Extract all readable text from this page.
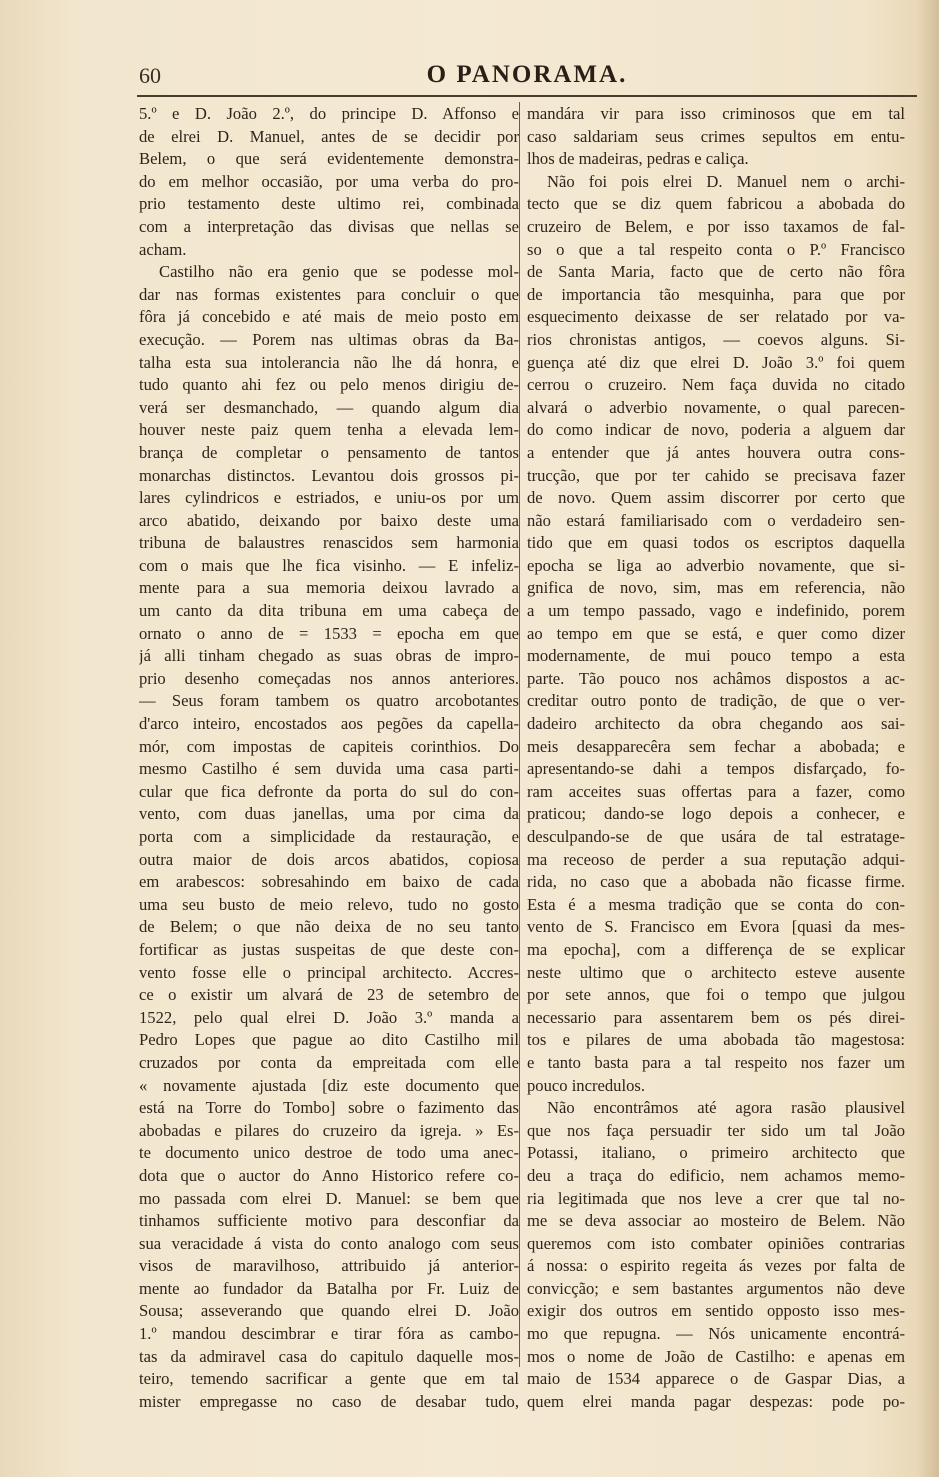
60	O PANORAMA.
5.º e D. João 2.º, do principe D. Affonso e
de elrei D. Manuel, antes de se decidir por
Belem, o que será evidentemente demonstra-
do em melhor occasião, por uma verba do pro-
prio testamento deste ultimo rei, combinada
com a interpretação das divisas que nellas se
acham.
Castilho não era genio que se podesse mol-
dar nas formas existentes para concluir o que
fôra já concebido e até mais de meio posto em
execução. — Porem nas ultimas obras da Ba-
talha esta sua intolerancia não lhe dá honra, e
tudo quanto ahi fez ou pelo menos dirigiu de-
verá ser desmanchado, — quando algum dia
houver neste paiz quem tenha a elevada lem-
brança de completar o pensamento de tantos
monarchas distinctos. Levantou dois grossos pi-
lares cylindricos e estriados, e uniu-os por um
arco abatido, deixando por baixo deste uma
tribuna de balaustres renascidos sem harmonia
com o mais que lhe fica visinho. — E infeliz-
mente para a sua memoria deixou lavrado a
um canto da dita tribuna em uma cabeça de
ornato o anno de = 1533 = epocha em que
já alli tinham chegado as suas obras de impro-
prio desenho começadas nos annos anteriores.
— Seus foram tambem os quatro arcobotantes
d'arco inteiro, encostados aos pegões da capella-
mór, com impostas de capiteis corinthios. Do
mesmo Castilho é sem duvida uma casa parti-
cular que fica defronte da porta do sul do con-
vento, com duas janellas, uma por cima da
porta com a simplicidade da restauração, e
outra maior de dois arcos abatidos, copiosa
em arabescos: sobresahindo em baixo de cada
uma seu busto de meio relevo, tudo no gosto
de Belem; o que não deixa de no seu tanto
fortificar as justas suspeitas de que deste con-
vento fosse elle o principal architecto. Accres-
ce o existir um alvará de 23 de setembro de
1522, pelo qual elrei D. João 3.º manda a
Pedro Lopes que pague ao dito Castilho mil
cruzados por conta da empreitada com elle
« novamente ajustada [diz este documento que
está na Torre do Tombo] sobre o fazimento das
abobadas e pilares do cruzeiro da igreja. » Es-
te documento unico destroe de todo uma anec-
dota que o auctor do Anno Historico refere co-
mo passada com elrei D. Manuel: se bem que
tinhamos sufficiente motivo para desconfiar da
sua veracidade á vista do conto analogo com seus
visos de maravilhoso, attribuido já anterior-
mente ao fundador da Batalha por Fr. Luiz de
Sousa; asseverando que quando elrei D. João
1.º mandou descimbrar e tirar fóra as cambo-
tas da admiravel casa do capitulo daquelle mos-
teiro, temendo sacrificar a gente que em tal
mister empregasse no caso de desabar tudo,
mandára vir para isso criminosos que em tal
caso saldariam seus crimes sepultos em entu-
lhos de madeiras, pedras e caliça.
Não foi pois elrei D. Manuel nem o archi-
tecto que se diz quem fabricou a abobada do
cruzeiro de Belem, e por isso taxamos de fal-
so o que a tal respeito conta o P.º Francisco
de Santa Maria, facto que de certo não fôra
de importancia tão mesquinha, para que por
esquecimento deixasse de ser relatado por va-
rios chronistas antigos, — coevos alguns. Si-
guença até diz que elrei D. João 3.º foi quem
cerrou o cruzeiro. Nem faça duvida no citado
alvará o adverbio novamente, o qual parecen-
do como indicar de novo, poderia a alguem dar
a entender que já antes houvera outra cons-
trucção, que por ter cahido se precisava fazer
de novo. Quem assim discorrer por certo que
não estará familiarisado com o verdadeiro sen-
tido que em quasi todos os escriptos daquella
epocha se liga ao adverbio novamente, que si-
gnifica de novo, sim, mas em referencia, não
a um tempo passado, vago e indefinido, porem
ao tempo em que se está, e quer como dizer
modernamente, de mui pouco tempo a esta
parte. Tão pouco nos achâmos dispostos a ac-
creditar outro ponto de tradição, de que o ver-
dadeiro architecto da obra chegando aos sai-
meis desapparecêra sem fechar a abobada; e
apresentando-se dahi a tempos disfarçado, fo-
ram acceites suas offertas para a fazer, como
praticou; dando-se logo depois a conhecer, e
desculpando-se de que usára de tal estratage-
ma receoso de perder a sua reputação adqui-
rida, no caso que a abobada não ficasse firme.
Esta é a mesma tradição que se conta do con-
vento de S. Francisco em Evora [quasi da mes-
ma epocha], com a differença de se explicar
neste ultimo que o architecto esteve ausente
por sete annos, que foi o tempo que julgou
necessario para assentarem bem os pés direi-
tos e pilares de uma abobada tão magestosa:
e tanto basta para a tal respeito nos fazer um
pouco incredulos.
Não encontrâmos até agora rasão plausivel
que nos faça persuadir ter sido um tal João
Potassi, italiano, o primeiro architecto que
deu a traça do edificio, nem achamos memo-
ria legitimada que nos leve a crer que tal no-
me se deva associar ao mosteiro de Belem. Não
queremos com isto combater opiniões contrarias
á nossa: o espirito regeita ás vezes por falta de
convicção; e sem bastantes argumentos não deve
exigir dos outros em sentido opposto isso mes-
mo que repugna. — Nós unicamente encontrá-
mos o nome de João de Castilho: e apenas em
maio de 1534 apparece o de Gaspar Dias, a
quem elrei manda pagar despezas: pode po-
